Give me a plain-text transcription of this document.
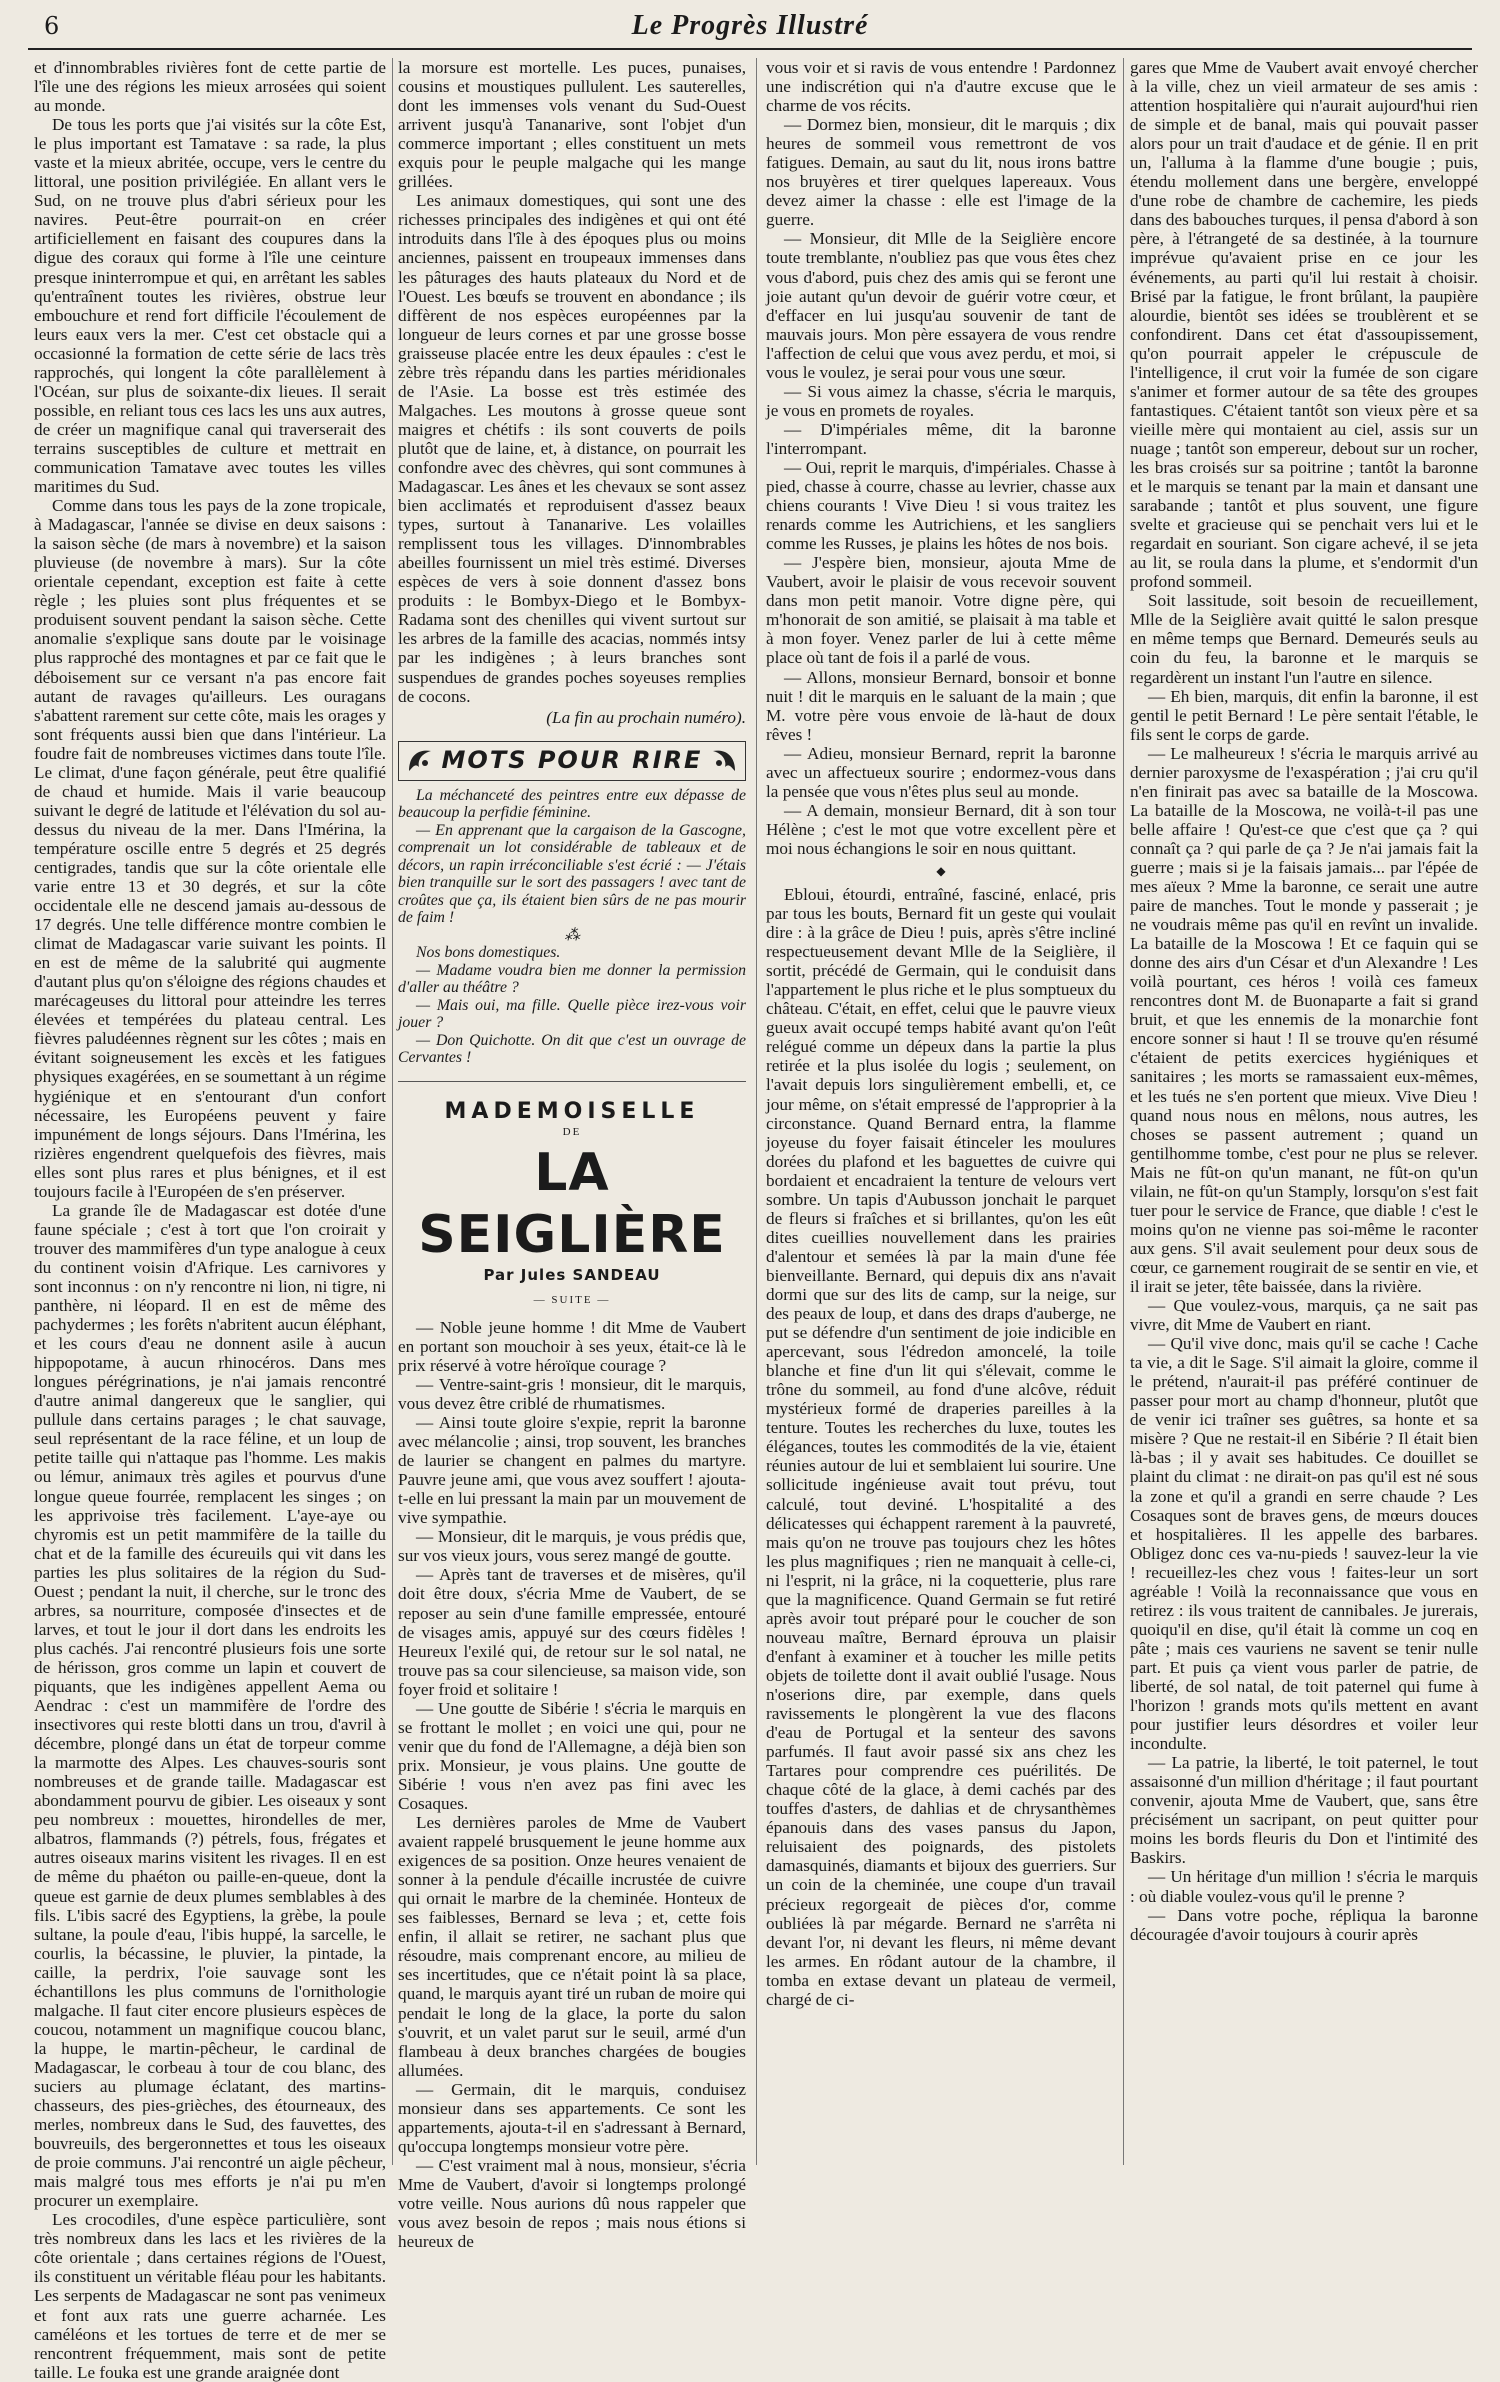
6	Le Progrès Illustré

et d'innombrables rivières font de cette partie de l'île une des régions les mieux arrosées qui soient au monde.

De tous les ports que j'ai visités sur la côte Est, le plus important est Tamatave : sa rade, la plus vaste et la mieux abritée, occupe, vers le centre du littoral, une position privilégiée. En allant vers le Sud, on ne trouve plus d'abri sérieux pour les navires. Peut-être pourrait-on en créer artificiellement en faisant des coupures dans la digue des coraux qui forme à l'île une ceinture presque ininterrompue et qui, en arrêtant les sables qu'entraînent toutes les rivières, obstrue leur embouchure et rend fort difficile l'écoulement de leurs eaux vers la mer. C'est cet obstacle qui a occasionné la formation de cette série de lacs très rapprochés, qui longent la côte parallèlement à l'Océan, sur plus de soixante-dix lieues. Il serait possible, en reliant tous ces lacs les uns aux autres, de créer un magnifique canal qui traverserait des terrains susceptibles de culture et mettrait en communication Tamatave avec toutes les villes maritimes du Sud.

Comme dans tous les pays de la zone tropicale, à Madagascar, l'année se divise en deux saisons : la saison sèche (de mars à novembre) et la saison pluvieuse (de novembre à mars). Sur la côte orientale cependant, exception est faite à cette règle ; les pluies sont plus fréquentes et se produisent souvent pendant la saison sèche. Cette anomalie s'explique sans doute par le voisinage plus rapproché des montagnes et par ce fait que le déboisement sur ce versant n'a pas encore fait autant de ravages qu'ailleurs. Les ouragans s'abattent rarement sur cette côte, mais les orages y sont fréquents aussi bien que dans l'intérieur. La foudre fait de nombreuses victimes dans toute l'île. Le climat, d'une façon générale, peut être qualifié de chaud et humide. Mais il varie beaucoup suivant le degré de latitude et l'élévation du sol au-dessus du niveau de la mer. Dans l'Imérina, la température oscille entre 5 degrés et 25 degrés centigrades, tandis que sur la côte orientale elle varie entre 13 et 30 degrés, et sur la côte occidentale elle ne descend jamais au-dessous de 17 degrés. Une telle différence montre combien le climat de Madagascar varie suivant les points. Il en est de même de la salubrité qui augmente d'autant plus qu'on s'éloigne des régions chaudes et marécageuses du littoral pour atteindre les terres élevées et tempérées du plateau central. Les fièvres paludéennes règnent sur les côtes ; mais en évitant soigneusement les excès et les fatigues physiques exagérées, en se soumettant à un régime hygiénique et en s'entourant d'un confort nécessaire, les Européens peuvent y faire impunément de longs séjours. Dans l'Imérina, les rizières engendrent quelquefois des fièvres, mais elles sont plus rares et plus bénignes, et il est toujours facile à l'Européen de s'en préserver.

La grande île de Madagascar est dotée d'une faune spéciale ; c'est à tort que l'on croirait y trouver des mammifères d'un type analogue à ceux du continent voisin d'Afrique. Les carnivores y sont inconnus : on n'y rencontre ni lion, ni tigre, ni panthère, ni léopard. Il en est de même des pachydermes ; les forêts n'abritent aucun éléphant, et les cours d'eau ne donnent asile à aucun hippopotame, à aucun rhinocéros. Dans mes longues pérégrinations, je n'ai jamais rencontré d'autre animal dangereux que le sanglier, qui pullule dans certains parages ; le chat sauvage, seul représentant de la race féline, et un loup de petite taille qui n'attaque pas l'homme. Les makis ou lémur, animaux très agiles et pourvus d'une longue queue fourrée, remplacent les singes ; on les apprivoise très facilement. L'aye-aye ou chyromis est un petit mammifère de la taille du chat et de la famille des écureuils qui vit dans les parties les plus solitaires de la région du Sud-Ouest ; pendant la nuit, il cherche, sur le tronc des arbres, sa nourriture, composée d'insectes et de larves, et tout le jour il dort dans les endroits les plus cachés. J'ai rencontré plusieurs fois une sorte de hérisson, gros comme un lapin et couvert de piquants, que les indigènes appellent Aema ou Aendrac : c'est un mammifère de l'ordre des insectivores qui reste blotti dans un trou, d'avril à décembre, plongé dans un état de torpeur comme la marmotte des Alpes. Les chauves-souris sont nombreuses et de grande taille. Madagascar est abondamment pourvu de gibier. Les oiseaux y sont peu nombreux : mouettes, hirondelles de mer, albatros, flammands (?) pétrels, fous, frégates et autres oiseaux marins visitent les rivages. Il en est de même du phaéton ou paille-en-queue, dont la queue est garnie de deux plumes semblables à des fils. L'ibis sacré des Egyptiens, la grèbe, la poule sultane, la poule d'eau, l'ibis huppé, la sarcelle, le courlis, la bécassine, le pluvier, la pintade, la caille, la perdrix, l'oie sauvage sont les échantillons les plus communs de l'ornithologie malgache. Il faut citer encore plusieurs espèces de coucou, notamment un magnifique coucou blanc, la huppe, le martin-pêcheur, le cardinal de Madagascar, le corbeau à tour de cou blanc, des suciers au plumage éclatant, des martins-chasseurs, des pies-grièches, des étourneaux, des merles, nombreux dans le Sud, des fauvettes, des bouvreuils, des bergeronnettes et tous les oiseaux de proie communs. J'ai rencontré un aigle pêcheur, mais malgré tous mes efforts je n'ai pu m'en procurer un exemplaire.

Les crocodiles, d'une espèce particulière, sont très nombreux dans les lacs et les rivières de la côte orientale ; dans certaines régions de l'Ouest, ils constituent un véritable fléau pour les habitants. Les serpents de Madagascar ne sont pas venimeux et font aux rats une guerre acharnée. Les caméléons et les tortues de terre et de mer se rencontrent fréquemment, mais sont de petite taille. Le fouka est une grande araignée dont

la morsure est mortelle. Les puces, punaises, cousins et moustiques pullulent. Les sauterelles, dont les immenses vols venant du Sud-Ouest arrivent jusqu'à Tananarive, sont l'objet d'un commerce important ; elles constituent un mets exquis pour le peuple malgache qui les mange grillées.

Les animaux domestiques, qui sont une des richesses principales des indigènes et qui ont été introduits dans l'île à des époques plus ou moins anciennes, paissent en troupeaux immenses dans les pâturages des hauts plateaux du Nord et de l'Ouest. Les bœufs se trouvent en abondance ; ils diffèrent de nos espèces européennes par la longueur de leurs cornes et par une grosse bosse graisseuse placée entre les deux épaules : c'est le zèbre très répandu dans les parties méridionales de l'Asie. La bosse est très estimée des Malgaches. Les moutons à grosse queue sont maigres et chétifs : ils sont couverts de poils plutôt que de laine, et, à distance, on pourrait les confondre avec des chèvres, qui sont communes à Madagascar. Les ânes et les chevaux se sont assez bien acclimatés et reproduisent d'assez beaux types, surtout à Tananarive. Les volailles remplissent tous les villages. D'innombrables abeilles fournissent un miel très estimé. Diverses espèces de vers à soie donnent d'assez bons produits : le Bombyx-Diego et le Bombyx-Radama sont des chenilles qui vivent surtout sur les arbres de la famille des acacias, nommés intsy par les indigènes ; à leurs branches sont suspendues de grandes poches soyeuses remplies de cocons.

(La fin au prochain numéro).

MOTS POUR RIRE

La méchanceté des peintres entre eux dépasse de beaucoup la perfidie féminine.

— En apprenant que la cargaison de la Gascogne, comprenait un lot considérable de tableaux et de décors, un rapin irréconciliable s'est écrié : — J'étais bien tranquille sur le sort des passagers ! avec tant de croûtes que ça, ils étaient bien sûrs de ne pas mourir de faim !

⁂

Nos bons domestiques.

— Madame voudra bien me donner la permission d'aller au théâtre ?

— Mais oui, ma fille. Quelle pièce irez-vous voir jouer ?

— Don Quichotte. On dit que c'est un ouvrage de Cervantes !

MADEMOISELLE

DE

LA SEIGLIÈRE

Par Jules SANDEAU

— SUITE —

— Noble jeune homme ! dit Mme de Vaubert en portant son mouchoir à ses yeux, était-ce là le prix réservé à votre héroïque courage ?

— Ventre-saint-gris ! monsieur, dit le marquis, vous devez être criblé de rhumatismes.

— Ainsi toute gloire s'expie, reprit la baronne avec mélancolie ; ainsi, trop souvent, les branches de laurier se changent en palmes du martyre. Pauvre jeune ami, que vous avez souffert ! ajouta-t-elle en lui pressant la main par un mouvement de vive sympathie.

— Monsieur, dit le marquis, je vous prédis que, sur vos vieux jours, vous serez mangé de goutte.

— Après tant de traverses et de misères, qu'il doit être doux, s'écria Mme de Vaubert, de se reposer au sein d'une famille empressée, entouré de visages amis, appuyé sur des cœurs fidèles ! Heureux l'exilé qui, de retour sur le sol natal, ne trouve pas sa cour silencieuse, sa maison vide, son foyer froid et solitaire !

— Une goutte de Sibérie ! s'écria le marquis en se frottant le mollet ; en voici une qui, pour ne venir que du fond de l'Allemagne, a déjà bien son prix. Monsieur, je vous plains. Une goutte de Sibérie ! vous n'en avez pas fini avec les Cosaques.

Les dernières paroles de Mme de Vaubert avaient rappelé brusquement le jeune homme aux exigences de sa position. Onze heures venaient de sonner à la pendule d'écaille incrustée de cuivre qui ornait le marbre de la cheminée. Honteux de ses faiblesses, Bernard se leva ; et, cette fois enfin, il allait se retirer, ne sachant plus que résoudre, mais comprenant encore, au milieu de ses incertitudes, que ce n'était point là sa place, quand, le marquis ayant tiré un ruban de moire qui pendait le long de la glace, la porte du salon s'ouvrit, et un valet parut sur le seuil, armé d'un flambeau à deux branches chargées de bougies allumées.

— Germain, dit le marquis, conduisez monsieur dans ses appartements. Ce sont les appartements, ajouta-t-il en s'adressant à Bernard, qu'occupa longtemps monsieur votre père.

— C'est vraiment mal à nous, monsieur, s'écria Mme de Vaubert, d'avoir si longtemps prolongé votre veille. Nous aurions dû nous rappeler que vous avez besoin de repos ; mais nous étions si heureux de

vous voir et si ravis de vous entendre ! Pardonnez une indiscrétion qui n'a d'autre excuse que le charme de vos récits.

— Dormez bien, monsieur, dit le marquis ; dix heures de sommeil vous remettront de vos fatigues. Demain, au saut du lit, nous irons battre nos bruyères et tirer quelques lapereaux. Vous devez aimer la chasse : elle est l'image de la guerre.

— Monsieur, dit Mlle de la Seiglière encore toute tremblante, n'oubliez pas que vous êtes chez vous d'abord, puis chez des amis qui se feront une joie autant qu'un devoir de guérir votre cœur, et d'effacer en lui jusqu'au souvenir de tant de mauvais jours. Mon père essayera de vous rendre l'affection de celui que vous avez perdu, et moi, si vous le voulez, je serai pour vous une sœur.

— Si vous aimez la chasse, s'écria le marquis, je vous en promets de royales.

— D'impériales même, dit la baronne l'interrompant.

— Oui, reprit le marquis, d'impériales. Chasse à pied, chasse à courre, chasse au levrier, chasse aux chiens courants ! Vive Dieu ! si vous traitez les renards comme les Autrichiens, et les sangliers comme les Russes, je plains les hôtes de nos bois.

— J'espère bien, monsieur, ajouta Mme de Vaubert, avoir le plaisir de vous recevoir souvent dans mon petit manoir. Votre digne père, qui m'honorait de son amitié, se plaisait à ma table et à mon foyer. Venez parler de lui à cette même place où tant de fois il a parlé de vous.

— Allons, monsieur Bernard, bonsoir et bonne nuit ! dit le marquis en le saluant de la main ; que M. votre père vous envoie de là-haut de doux rêves !

— Adieu, monsieur Bernard, reprit la baronne avec un affectueux sourire ; endormez-vous dans la pensée que vous n'êtes plus seul au monde.

— A demain, monsieur Bernard, dit à son tour Hélène ; c'est le mot que votre excellent père et moi nous échangions le soir en nous quittant.

◆

Ebloui, étourdi, entraîné, fasciné, enlacé, pris par tous les bouts, Bernard fit un geste qui voulait dire : à la grâce de Dieu ! puis, après s'être incliné respectueusement devant Mlle de la Seiglière, il sortit, précédé de Germain, qui le conduisit dans l'appartement le plus riche et le plus somptueux du château. C'était, en effet, celui que le pauvre vieux gueux avait occupé temps habité avant qu'on l'eût relégué comme un dépeux dans la partie la plus retirée et la plus isolée du logis ; seulement, on l'avait depuis lors singulièrement embelli, et, ce jour même, on s'était empressé de l'approprier à la circonstance. Quand Bernard entra, la flamme joyeuse du foyer faisait étinceler les moulures dorées du plafond et les baguettes de cuivre qui bordaient et encadraient la tenture de velours vert sombre. Un tapis d'Aubusson jonchait le parquet de fleurs si fraîches et si brillantes, qu'on les eût dites cueillies nouvellement dans les prairies d'alentour et semées là par la main d'une fée bienveillante. Bernard, qui depuis dix ans n'avait dormi que sur des lits de camp, sur la neige, sur des peaux de loup, et dans des draps d'auberge, ne put se défendre d'un sentiment de joie indicible en apercevant, sous l'édredon amoncelé, la toile blanche et fine d'un lit qui s'élevait, comme le trône du sommeil, au fond d'une alcôve, réduit mystérieux formé de draperies pareilles à la tenture. Toutes les recherches du luxe, toutes les élégances, toutes les commodités de la vie, étaient réunies autour de lui et semblaient lui sourire. Une sollicitude ingénieuse avait tout prévu, tout calculé, tout deviné. L'hospitalité a des délicatesses qui échappent rarement à la pauvreté, mais qu'on ne trouve pas toujours chez les hôtes les plus magnifiques ; rien ne manquait à celle-ci, ni l'esprit, ni la grâce, ni la coquetterie, plus rare que la magnificence. Quand Germain se fut retiré après avoir tout préparé pour le coucher de son nouveau maître, Bernard éprouva un plaisir d'enfant à examiner et à toucher les mille petits objets de toilette dont il avait oublié l'usage. Nous n'oserions dire, par exemple, dans quels ravissements le plongèrent la vue des flacons d'eau de Portugal et la senteur des savons parfumés. Il faut avoir passé six ans chez les Tartares pour comprendre ces puérilités. De chaque côté de la glace, à demi cachés par des touffes d'asters, de dahlias et de chrysanthèmes épanouis dans des vases pansus du Japon, reluisaient des poignards, des pistolets damasquinés, diamants et bijoux des guerriers. Sur un coin de la cheminée, une coupe d'un travail précieux regorgeait de pièces d'or, comme oubliées là par mégarde. Bernard ne s'arrêta ni devant l'or, ni devant les fleurs, ni même devant les armes. En rôdant autour de la chambre, il tomba en extase devant un plateau de vermeil, chargé de ci-

gares que Mme de Vaubert avait envoyé chercher à la ville, chez un vieil armateur de ses amis : attention hospitalière qui n'aurait aujourd'hui rien de simple et de banal, mais qui pouvait passer alors pour un trait d'audace et de génie. Il en prit un, l'alluma à la flamme d'une bougie ; puis, étendu mollement dans une bergère, enveloppé d'une robe de chambre de cachemire, les pieds dans des babouches turques, il pensa d'abord à son père, à l'étrangeté de sa destinée, à la tournure imprévue qu'avaient prise en ce jour les événements, au parti qu'il lui restait à choisir. Brisé par la fatigue, le front brûlant, la paupière alourdie, bientôt ses idées se troublèrent et se confondirent. Dans cet état d'assoupissement, qu'on pourrait appeler le crépuscule de l'intelligence, il crut voir la fumée de son cigare s'animer et former autour de sa tête des groupes fantastiques. C'étaient tantôt son vieux père et sa vieille mère qui montaient au ciel, assis sur un nuage ; tantôt son empereur, debout sur un rocher, les bras croisés sur sa poitrine ; tantôt la baronne et le marquis se tenant par la main et dansant une sarabande ; tantôt et plus souvent, une figure svelte et gracieuse qui se penchait vers lui et le regardait en souriant. Son cigare achevé, il se jeta au lit, se roula dans la plume, et s'endormit d'un profond sommeil.

Soit lassitude, soit besoin de recueillement, Mlle de la Seiglière avait quitté le salon presque en même temps que Bernard. Demeurés seuls au coin du feu, la baronne et le marquis se regardèrent un instant l'un l'autre en silence.

— Eh bien, marquis, dit enfin la baronne, il est gentil le petit Bernard ! Le père sentait l'étable, le fils sent le corps de garde.

— Le malheureux ! s'écria le marquis arrivé au dernier paroxysme de l'exaspération ; j'ai cru qu'il n'en finirait pas avec sa bataille de la Moscowa. La bataille de la Moscowa, ne voilà-t-il pas une belle affaire ! Qu'est-ce que c'est que ça ? qui connaît ça ? qui parle de ça ? Je n'ai jamais fait la guerre ; mais si je la faisais jamais... par l'épée de mes aïeux ? Mme la baronne, ce serait une autre paire de manches. Tout le monde y passerait ; je ne voudrais même pas qu'il en revînt un invalide. La bataille de la Moscowa ! Et ce faquin qui se donne des airs d'un César et d'un Alexandre ! Les voilà pourtant, ces héros ! voilà ces fameux rencontres dont M. de Buonaparte a fait si grand bruit, et que les ennemis de la monarchie font encore sonner si haut ! Il se trouve qu'en résumé c'étaient de petits exercices hygiéniques et sanitaires ; les morts se ramassaient eux-mêmes, et les tués ne s'en portent que mieux. Vive Dieu ! quand nous nous en mêlons, nous autres, les choses se passent autrement ; quand un gentilhomme tombe, c'est pour ne plus se relever. Mais ne fût-on qu'un manant, ne fût-on qu'un vilain, ne fût-on qu'un Stamply, lorsqu'on s'est fait tuer pour le service de France, que diable ! c'est le moins qu'on ne vienne pas soi-même le raconter aux gens. S'il avait seulement pour deux sous de cœur, ce garnement rougirait de se sentir en vie, et il irait se jeter, tête baissée, dans la rivière.

— Que voulez-vous, marquis, ça ne sait pas vivre, dit Mme de Vaubert en riant.

— Qu'il vive donc, mais qu'il se cache ! Cache ta vie, a dit le Sage. S'il aimait la gloire, comme il le prétend, n'aurait-il pas préféré continuer de passer pour mort au champ d'honneur, plutôt que de venir ici traîner ses guêtres, sa honte et sa misère ? Que ne restait-il en Sibérie ? Il était bien là-bas ; il y avait ses habitudes. Ce douillet se plaint du climat : ne dirait-on pas qu'il est né sous la zone et qu'il a grandi en serre chaude ? Les Cosaques sont de braves gens, de mœurs douces et hospitalières. Il les appelle des barbares. Obligez donc ces va-nu-pieds ! sauvez-leur la vie ! recueillez-les chez vous ! faites-leur un sort agréable ! Voilà la reconnaissance que vous en retirez : ils vous traitent de cannibales. Je jurerais, quoiqu'il en dise, qu'il était là comme un coq en pâte ; mais ces vauriens ne savent se tenir nulle part. Et puis ça vient vous parler de patrie, de liberté, de sol natal, de toit paternel qui fume à l'horizon ! grands mots qu'ils mettent en avant pour justifier leurs désordres et voiler leur incondulte.

— La patrie, la liberté, le toit paternel, le tout assaisonné d'un million d'héritage ; il faut pourtant convenir, ajouta Mme de Vaubert, que, sans être précisément un sacripant, on peut quitter pour moins les bords fleuris du Don et l'intimité des Baskirs.

— Un héritage d'un million ! s'écria le marquis : où diable voulez-vous qu'il le prenne ?

— Dans votre poche, répliqua la baronne découragée d'avoir toujours à courir après
